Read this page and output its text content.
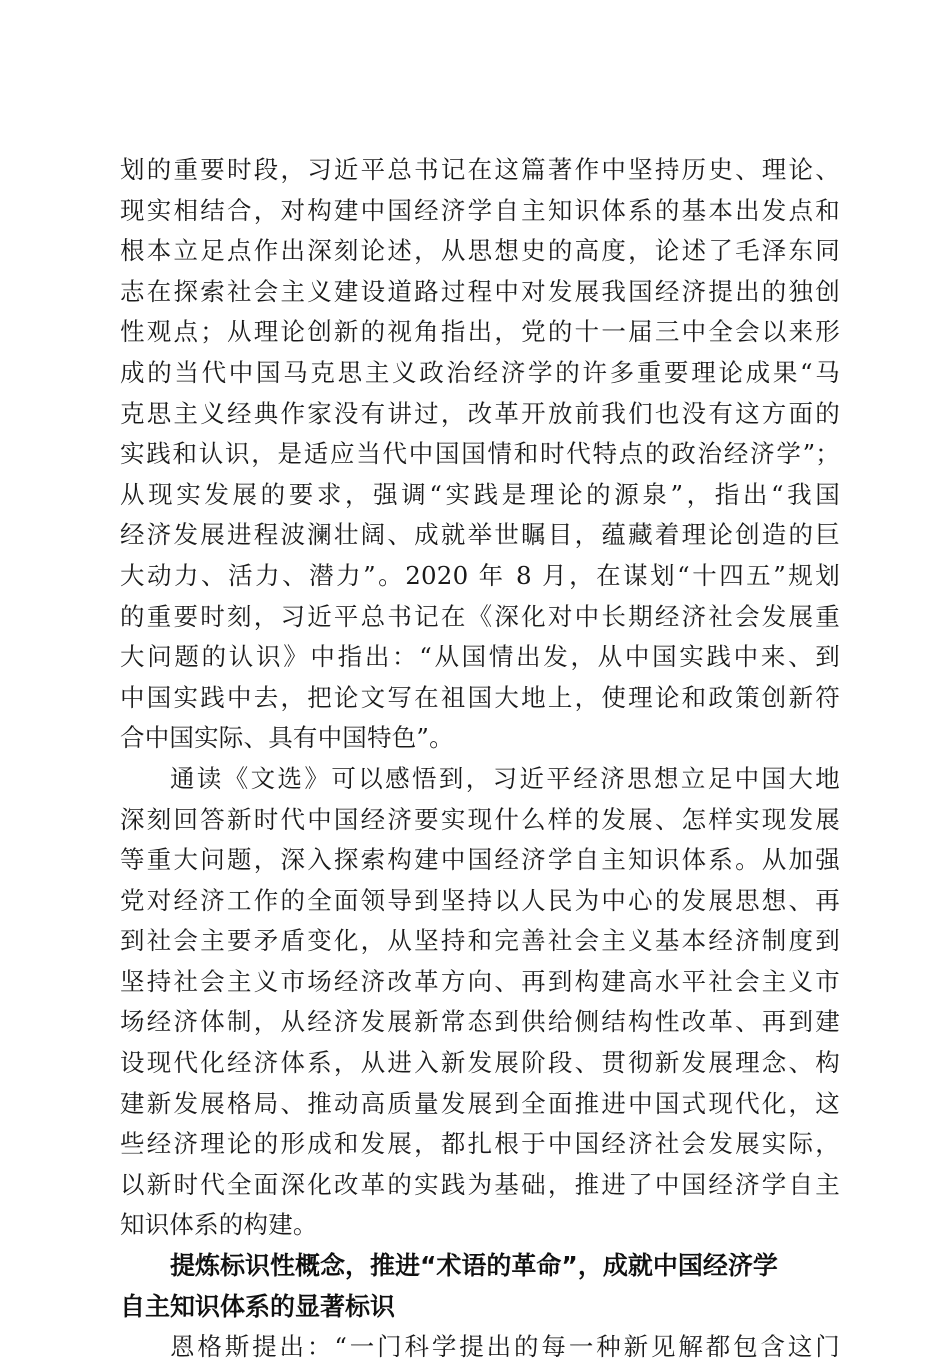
划的重要时段，习近平总书记在这篇著作中坚持历史、理论、
现实相结合，对构建中国经济学自主知识体系的基本出发点和
根本立足点作出深刻论述，从思想史的高度，论述了毛泽东同
志在探索社会主义建设道路过程中对发展我国经济提出的独创
性观点；从理论创新的视角指出，党的十一届三中全会以来形
成的当代中国马克思主义政治经济学的许多重要理论成果“马
克思主义经典作家没有讲过，改革开放前我们也没有这方面的
实践和认识，是适应当代中国国情和时代特点的政治经济学”；
从现实发展的要求，强调“实践是理论的源泉”，指出“我国
经济发展进程波澜壮阔、成就举世瞩目，蕴藏着理论创造的巨
大动力、活力、潜力”。2020 年 8 月，在谋划“十四五”规划
的重要时刻，习近平总书记在《深化对中长期经济社会发展重
大问题的认识》中指出：“从国情出发，从中国实践中来、到
中国实践中去，把论文写在祖国大地上，使理论和政策创新符
合中国实际、具有中国特色”。
通读《文选》可以感悟到，习近平经济思想立足中国大地
深刻回答新时代中国经济要实现什么样的发展、怎样实现发展
等重大问题，深入探索构建中国经济学自主知识体系。从加强
党对经济工作的全面领导到坚持以人民为中心的发展思想、再
到社会主要矛盾变化，从坚持和完善社会主义基本经济制度到
坚持社会主义市场经济改革方向、再到构建高水平社会主义市
场经济体制，从经济发展新常态到供给侧结构性改革、再到建
设现代化经济体系，从进入新发展阶段、贯彻新发展理念、构
建新发展格局、推动高质量发展到全面推进中国式现代化，这
些经济理论的形成和发展，都扎根于中国经济社会发展实际，
以新时代全面深化改革的实践为基础，推进了中国经济学自主
知识体系的构建。
提炼标识性概念，推进“术语的革命”，成就中国经济学
自主知识体系的显著标识
恩格斯提出：“一门科学提出的每一种新见解都包含这门
